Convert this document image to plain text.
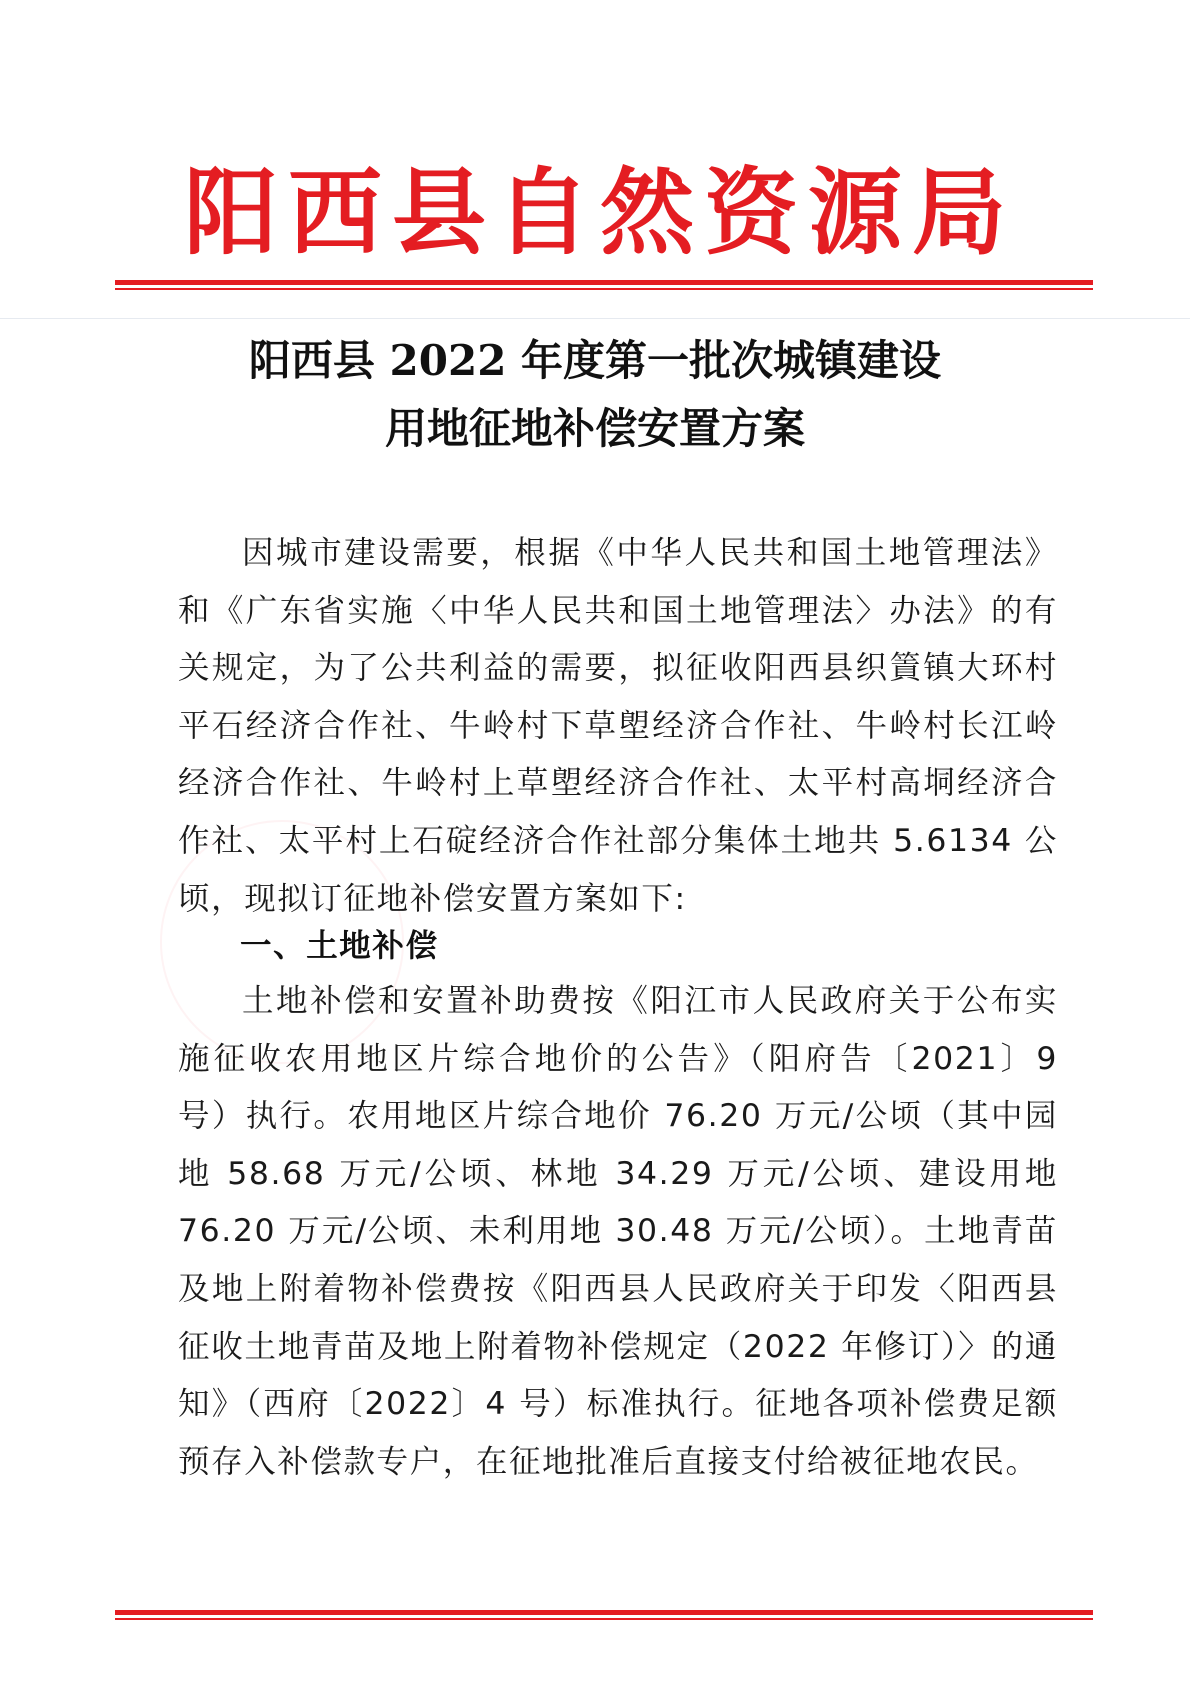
阳西县自然资源局
阳西县 2022 年度第一批次城镇建设
用地征地补偿安置方案

因城市建设需要，根据《中华人民共和国土地管理法》和《广东省实施〈中华人民共和国土地管理法〉办法》的有关规定，为了公共利益的需要，拟征收阳西县织篢镇大环村平石经济合作社、牛岭村下草塱经济合作社、牛岭村长江岭经济合作社、牛岭村上草塱经济合作社、太平村高垌经济合作社、太平村上石碇经济合作社部分集体土地共 5.6134 公顷，现拟订征地补偿安置方案如下:

一、土地补偿

土地补偿和安置补助费按《阳江市人民政府关于公布实施征收农用地区片综合地价的公告》（阳府告〔2021〕9 号）执行。农用地区片综合地价 76.20 万元/公顷（其中园地 58.68 万元/公顷、林地 34.29 万元/公顷、建设用地 76.20 万元/公顷、未利用地 30.48 万元/公顷）。土地青苗及地上附着物补偿费按《阳西县人民政府关于印发〈阳西县征收土地青苗及地上附着物补偿规定（2022 年修订）〉的通知》（西府〔2022〕4 号）标准执行。征地各项补偿费足额预存入补偿款专户，在征地批准后直接支付给被征地农民。
